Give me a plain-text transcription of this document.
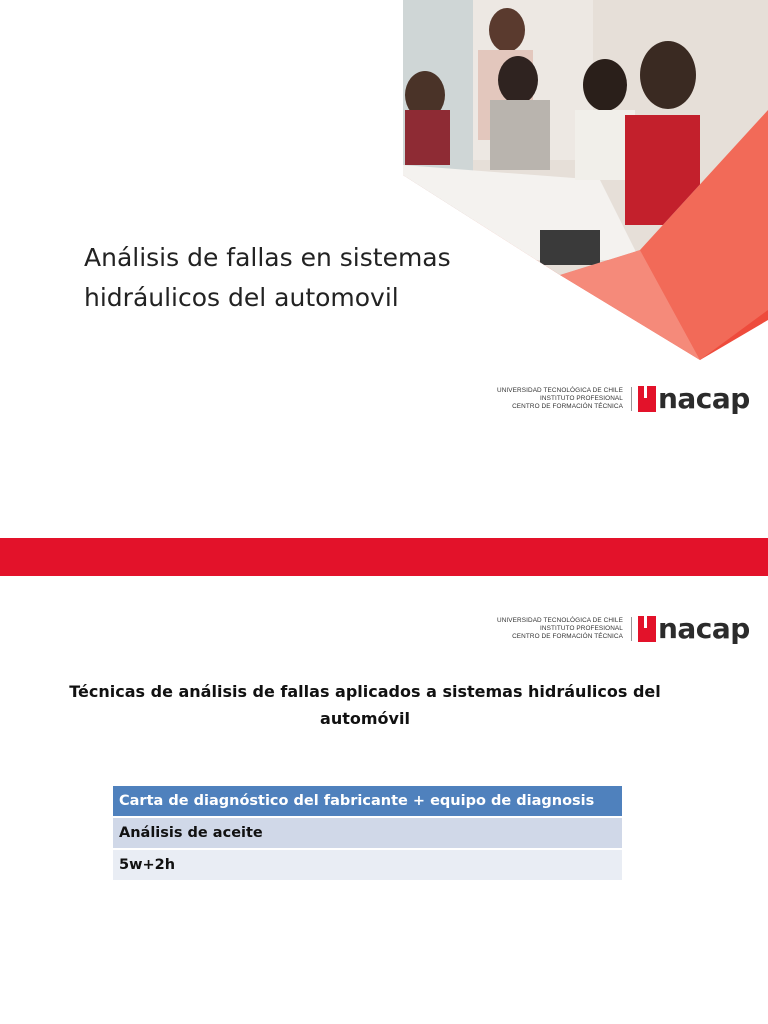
Análisis de fallas en sistemas
hidráulicos del automovil
UNIVERSIDAD TECNOLÓGICA DE CHILE
INSTITUTO PROFESIONAL
CENTRO DE FORMACIÓN TÉCNICA nacap
UNIVERSIDAD TECNOLÓGICA DE CHILE
INSTITUTO PROFESIONAL
CENTRO DE FORMACIÓN TÉCNICA nacap
Técnicas de análisis de fallas aplicados a sistemas hidráulicos del automóvil
Carta de diagnóstico del fabricante + equipo de diagnosis
Análisis de aceite
5w+2h
